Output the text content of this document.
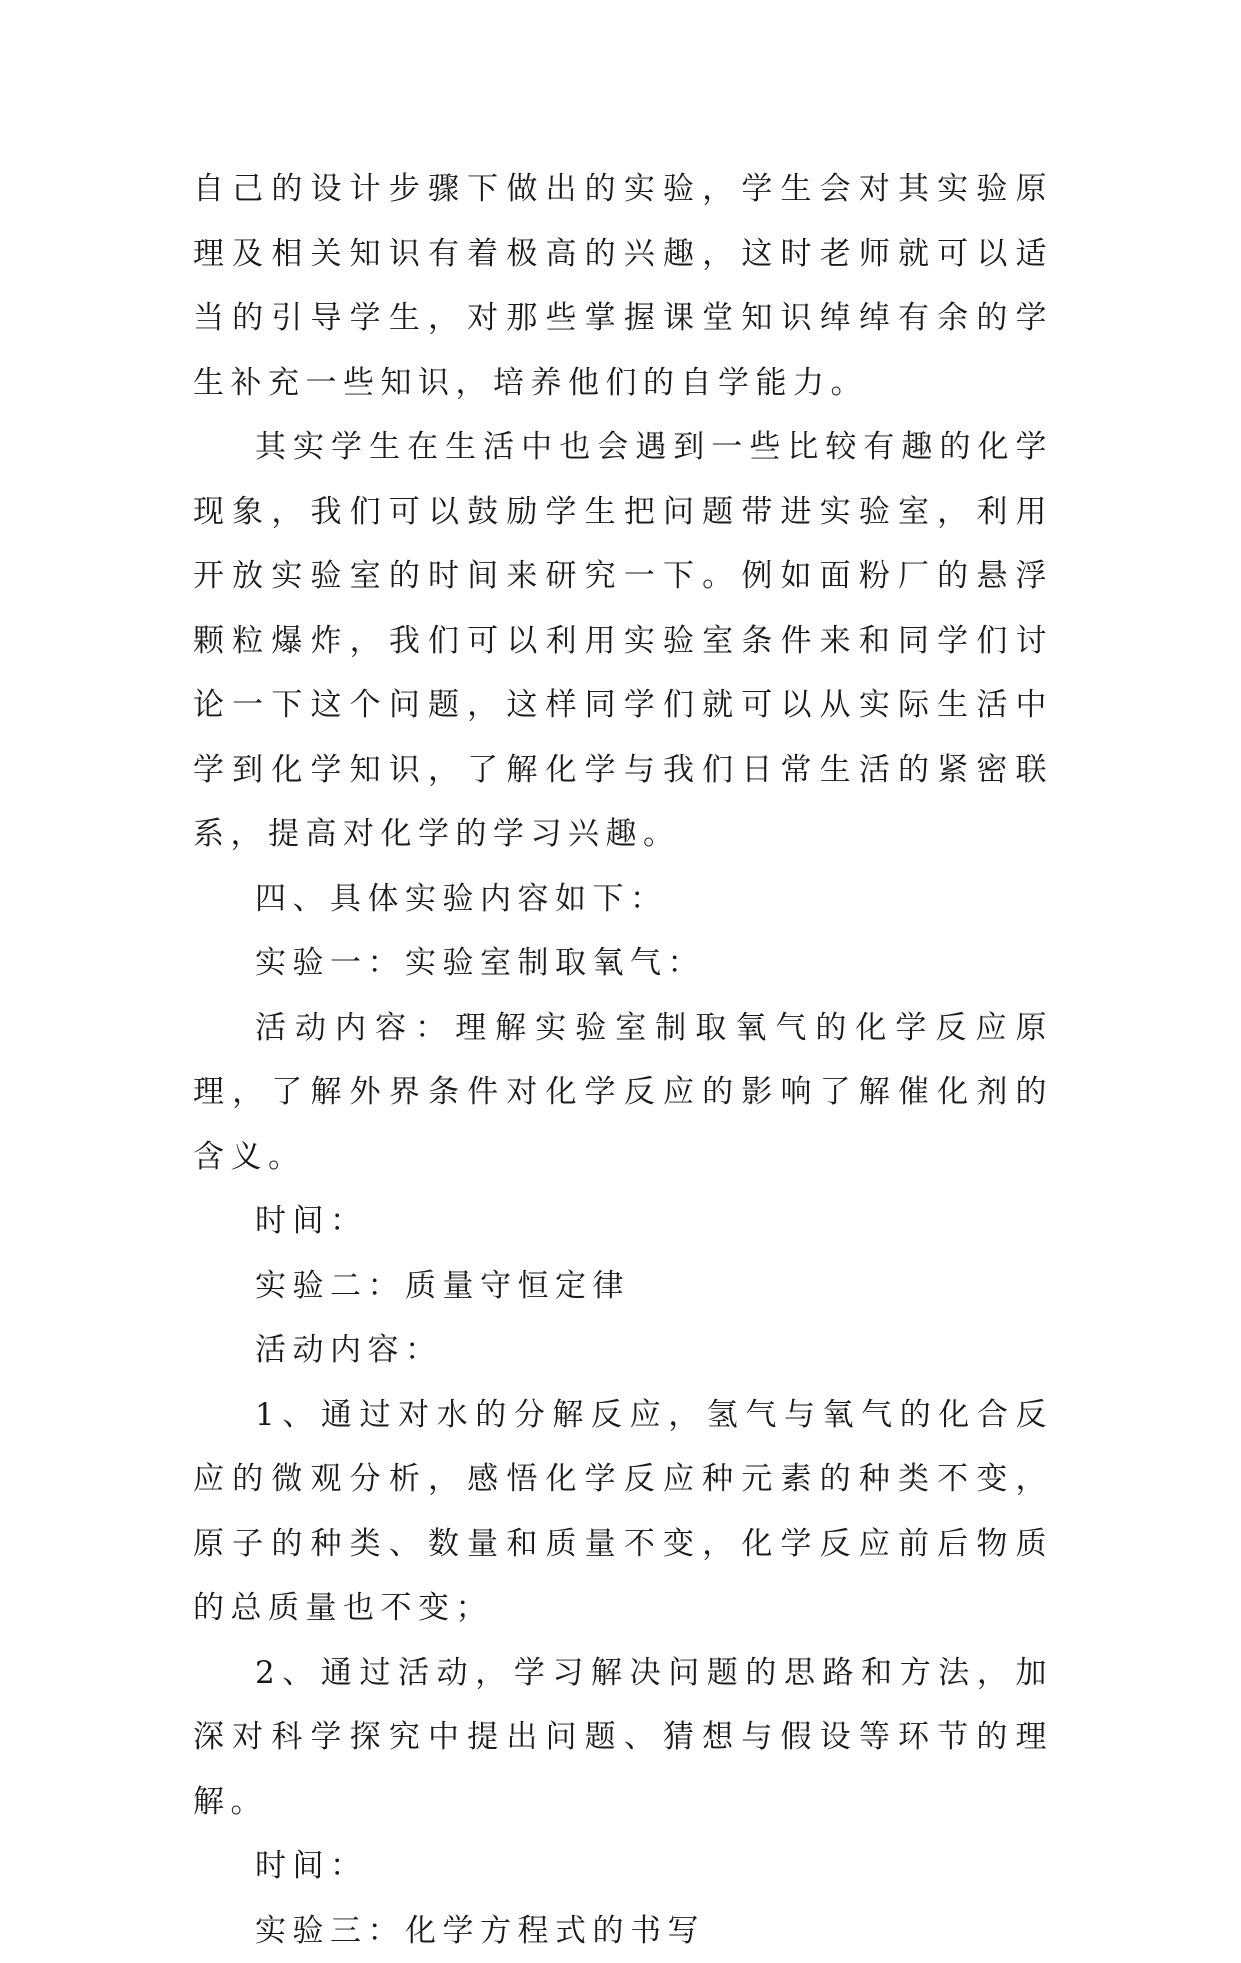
自己的设计步骤下做出的实验，学生会对其实验原理及相关知识有着极高的兴趣，这时老师就可以适当的引导学生，对那些掌握课堂知识绰绰有余的学生补充一些知识，培养他们的自学能力。

其实学生在生活中也会遇到一些比较有趣的化学现象，我们可以鼓励学生把问题带进实验室，利用开放实验室的时间来研究一下。例如面粉厂的悬浮颗粒爆炸，我们可以利用实验室条件来和同学们讨论一下这个问题，这样同学们就可以从实际生活中学到化学知识，了解化学与我们日常生活的紧密联系，提高对化学的学习兴趣。

四、具体实验内容如下：

实验一：实验室制取氧气：

活动内容：理解实验室制取氧气的化学反应原理，了解外界条件对化学反应的影响了解催化剂的含义。

时间：

实验二：质量守恒定律

活动内容：

1、通过对水的分解反应，氢气与氧气的化合反应的微观分析，感悟化学反应种元素的种类不变，原子的种类、数量和质量不变，化学反应前后物质的总质量也不变；

2、通过活动，学习解决问题的思路和方法，加深对科学探究中提出问题、猜想与假设等环节的理解。

时间：

实验三：化学方程式的书写
